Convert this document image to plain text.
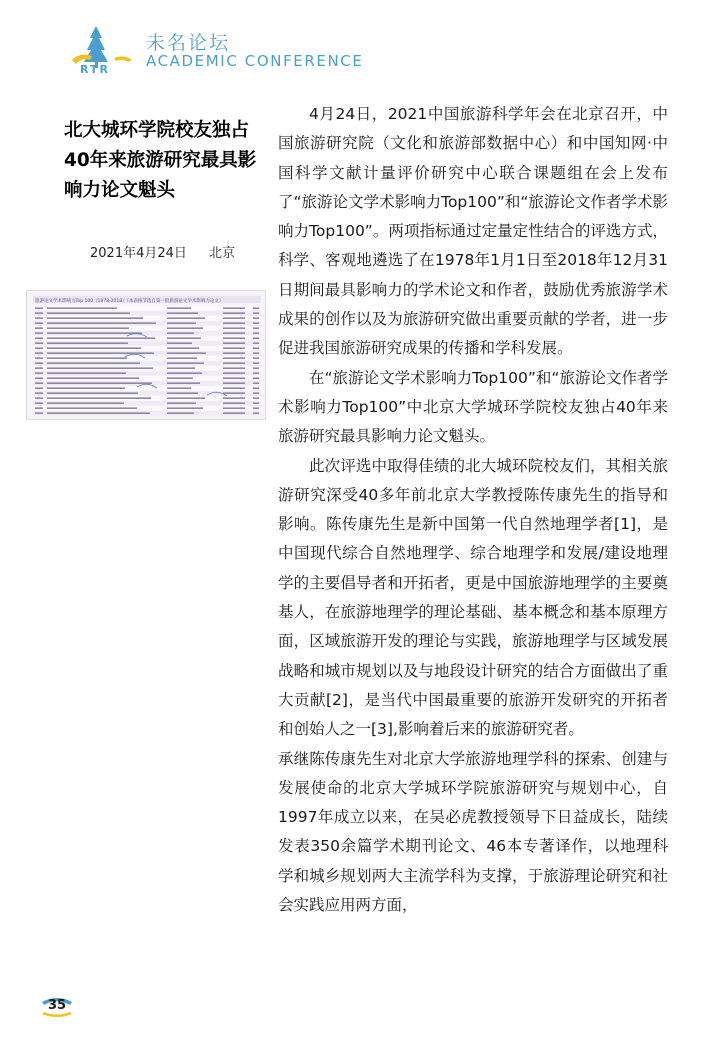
RTR
未名论坛
ACADEMIC CONFERENCE
北大城环学院校友独占40年来旅游研究最具影响力论文魁头
2021年4月24日 北京
旅游论文学术影响力Top 100（1978-2018）（本表格节选自第一批旅游论文学术影响力论文）

4月24日，2021中国旅游科学年会在北京召开，中国旅游研究院（文化和旅游部数据中心）和中国知网·中国科学文献计量评价研究中心联合课题组在会上发布了“旅游论文学术影响力Top100”和“旅游论文作者学术影响力Top100”。两项指标通过定量定性结合的评选方式，科学、客观地遴选了在1978年1月1日至2018年12月31日期间最具影响力的学术论文和作者，鼓励优秀旅游学术成果的创作以及为旅游研究做出重要贡献的学者，进一步促进我国旅游研究成果的传播和学科发展。

在“旅游论文学术影响力Top100”和“旅游论文作者学术影响力Top100”中北京大学城环学院校友独占40年来旅游研究最具影响力论文魁头。

此次评选中取得佳绩的北大城环院校友们，其相关旅游研究深受40多年前北京大学教授陈传康先生的指导和影响。陈传康先生是新中国第一代自然地理学者[1]，是中国现代综合自然地理学、综合地理学和发展/建设地理学的主要倡导者和开拓者，更是中国旅游地理学的主要奠基人，在旅游地理学的理论基础、基本概念和基本原理方面，区域旅游开发的理论与实践，旅游地理学与区域发展战略和城市规划以及与地段设计研究的结合方面做出了重大贡献[2]，是当代中国最重要的旅游开发研究的开拓者和创始人之一[3],影响着后来的旅游研究者。

承继陈传康先生对北京大学旅游地理学科的探索、创建与发展使命的北京大学城环学院旅游研究与规划中心，自1997年成立以来，在吴必虎教授领导下日益成长，陆续发表350余篇学术期刊论文、46本专著译作，以地理科学和城乡规划两大主流学科为支撑，于旅游理论研究和社会实践应用两方面，

35
